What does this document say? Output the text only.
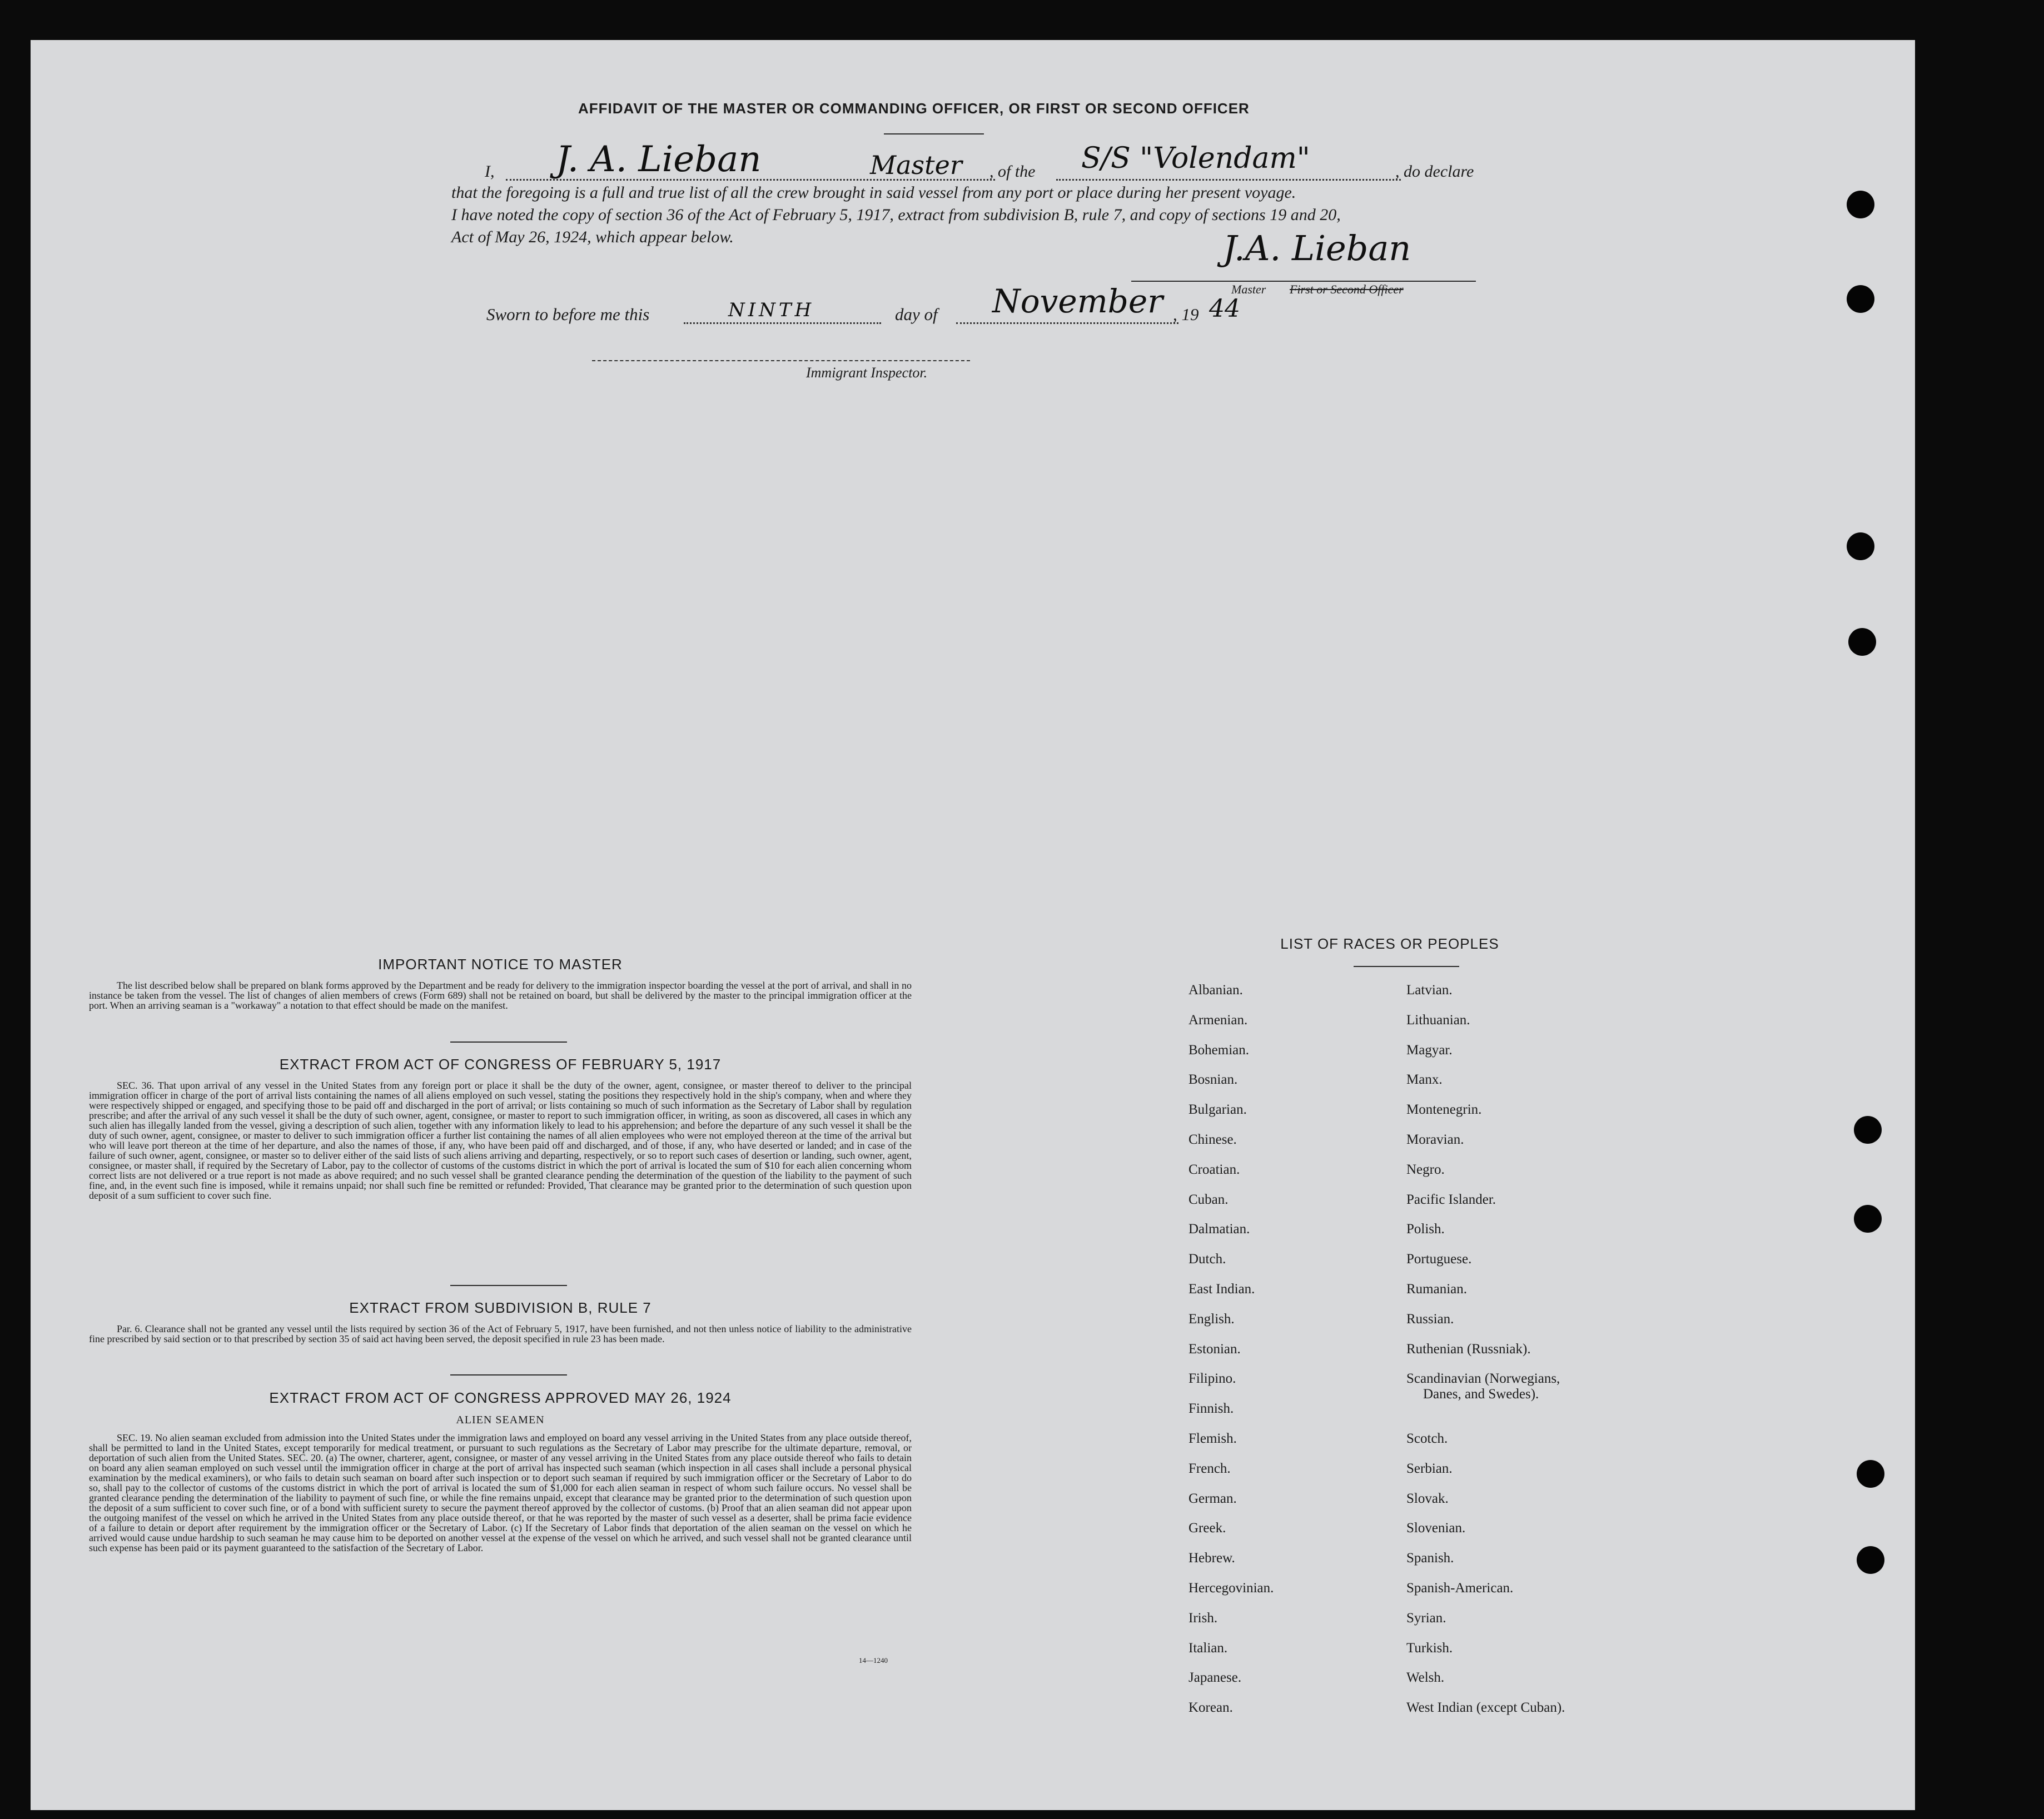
AFFIDAVIT OF THE MASTER OR COMMANDING OFFICER, OR FIRST OR SECOND OFFICER
I, J. A. Lieban	Master , of the S/S "Volendam"	, do declare
that the foregoing is a full and true list of all the crew brought in said vessel from any port or place during her present voyage.
I have noted the copy of section 36 of the Act of February 5, 1917, extract from subdivision B, rule 7, and copy of sections 19 and 20,
Act of May 26, 1924, which appear below.	J.A. Lieban
Master First or Second Officer
Sworn to before me this	NINTH	day of November , 19 44
Immigrant Inspector.
IMPORTANT NOTICE TO MASTER
The list described below shall be prepared on blank forms approved by the Department and be ready for delivery to the immigration inspector boarding the vessel at the port of arrival, and shall in no instance be taken from the vessel. The list of changes of alien members of crews (Form 689) shall not be retained on board, but shall be delivered by the master to the principal immigration officer at the port. When an arriving seaman is a "workaway" a notation to that effect should be made on the manifest.
EXTRACT FROM ACT OF CONGRESS OF FEBRUARY 5, 1917
SEC. 36. That upon arrival of any vessel in the United States from any foreign port or place it shall be the duty of the owner, agent, consignee, or master thereof to deliver to the principal immigration officer in charge of the port of arrival lists containing the names of all aliens employed on such vessel, stating the positions they respectively hold in the ship's company, when and where they were respectively shipped or engaged, and specifying those to be paid off and discharged in the port of arrival; or lists containing so much of such information as the Secretary of Labor shall by regulation prescribe; and after the arrival of any such vessel it shall be the duty of such owner, agent, consignee, or master to report to such immigration officer, in writing, as soon as discovered, all cases in which any such alien has illegally landed from the vessel, giving a description of such alien, together with any information likely to lead to his apprehension; and before the departure of any such vessel it shall be the duty of such owner, agent, consignee, or master to deliver to such immigration officer a further list containing the names of all alien employees who were not employed thereon at the time of the arrival but who will leave port thereon at the time of her departure, and also the names of those, if any, who have been paid off and discharged, and of those, if any, who have deserted or landed; and in case of the failure of such owner, agent, consignee, or master so to deliver either of the said lists of such aliens arriving and departing, respectively, or so to report such cases of desertion or landing, such owner, agent, consignee, or master shall, if required by the Secretary of Labor, pay to the collector of customs of the customs district in which the port of arrival is located the sum of $10 for each alien concerning whom correct lists are not delivered or a true report is not made as above required; and no such vessel shall be granted clearance pending the determination of the question of the liability to the payment of such fine, and, in the event such fine is imposed, while it remains unpaid; nor shall such fine be remitted or refunded: Provided, That clearance may be granted prior to the determination of such question upon deposit of a sum sufficient to cover such fine.
EXTRACT FROM SUBDIVISION B, RULE 7
Par. 6. Clearance shall not be granted any vessel until the lists required by section 36 of the Act of February 5, 1917, have been furnished, and not then unless notice of liability to the administrative fine prescribed by said section or to that prescribed by section 35 of said act having been served, the deposit specified in rule 23 has been made.
EXTRACT FROM ACT OF CONGRESS APPROVED MAY 26, 1924
ALIEN SEAMEN
SEC. 19. No alien seaman excluded from admission into the United States under the immigration laws and employed on board any vessel arriving in the United States from any place outside thereof, shall be permitted to land in the United States, except temporarily for medical treatment, or pursuant to such regulations as the Secretary of Labor may prescribe for the ultimate departure, removal, or deportation of such alien from the United States. SEC. 20. (a) The owner, charterer, agent, consignee, or master of any vessel arriving in the United States from any place outside thereof who fails to detain on board any alien seaman employed on such vessel until the immigration officer in charge at the port of arrival has inspected such seaman (which inspection in all cases shall include a personal physical examination by the medical examiners), or who fails to detain such seaman on board after such inspection or to deport such seaman if required by such immigration officer or the Secretary of Labor to do so, shall pay to the collector of customs of the customs district in which the port of arrival is located the sum of $1,000 for each alien seaman in respect of whom such failure occurs. No vessel shall be granted clearance pending the determination of the liability to payment of such fine, or while the fine remains unpaid, except that clearance may be granted prior to the determination of such question upon the deposit of a sum sufficient to cover such fine, or of a bond with sufficient surety to secure the payment thereof approved by the collector of customs. (b) Proof that an alien seaman did not appear upon the outgoing manifest of the vessel on which he arrived in the United States from any place outside thereof, or that he was reported by the master of such vessel as a deserter, shall be prima facie evidence of a failure to detain or deport after requirement by the immigration officer or the Secretary of Labor. (c) If the Secretary of Labor finds that deportation of the alien seaman on the vessel on which he arrived would cause undue hardship to such seaman he may cause him to be deported on another vessel at the expense of the vessel on which he arrived, and such vessel shall not be granted clearance until such expense has been paid or its payment guaranteed to the satisfaction of the Secretary of Labor.
14—1240
LIST OF RACES OR PEOPLES
Albanian.
Armenian.
Bohemian.
Bosnian.
Bulgarian.
Chinese.
Croatian.
Cuban.
Dalmatian.
Dutch.
East Indian.
English.
Estonian.
Filipino.
Finnish.
Flemish.
French.
German.
Greek.
Hebrew.
Hercegovinian.
Irish.
Italian.
Japanese.
Korean.
Latvian.
Lithuanian.
Magyar.
Manx.
Montenegrin.
Moravian.
Negro.
Pacific Islander.
Polish.
Portuguese.
Rumanian.
Russian.
Ruthenian (Russniak).
Scandinavian (Norwegians,
Danes, and Swedes).
Scotch.
Serbian.
Slovak.
Slovenian.
Spanish.
Spanish-American.
Syrian.
Turkish.
Welsh.
West Indian (except Cuban).
